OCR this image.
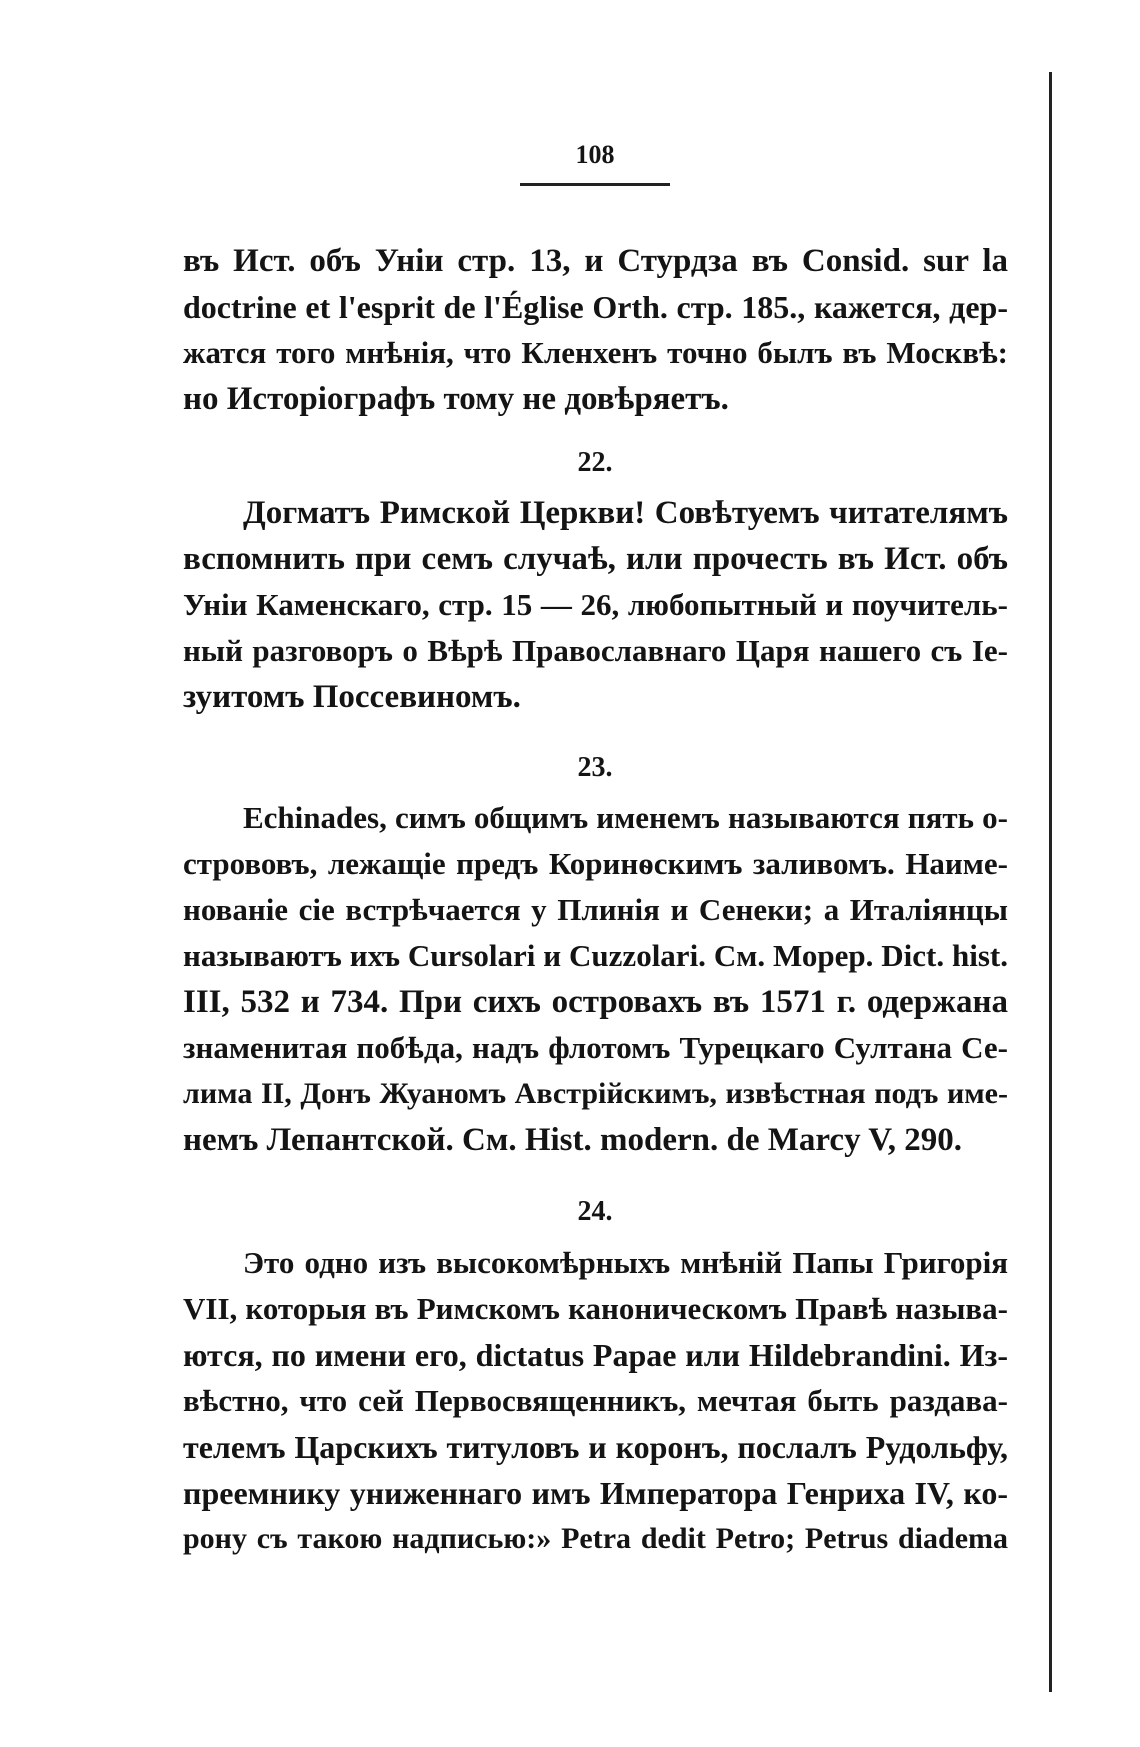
108
въ Ист. объ Уніи стр. 13, и Стурдза въ Consid. sur la
doctrine et l'esprit de l'Église Orth. стр. 185., кажется, дер-
жатся того мнѣнія, что Кленхенъ точно былъ въ Москвѣ:
но Исторіографъ тому не довѣряетъ.
22.
Догматъ Римской Церкви! Совѣтуемъ читателямъ
вспомнить при семъ случаѣ, или прочесть въ Ист. объ
Уніи Каменскаго, стр. 15 — 26, любопытный и поучитель-
ный разговоръ о Вѣрѣ Православнаго Царя нашего съ Ie-
зуитомъ Поссевиномъ.
23.
Echinades, симъ общимъ именемъ называются пять о-
стрововъ, лежащіе предъ Коринѳскимъ заливомъ. Наиме-
нованіе сіе встрѣчается у Плинія и Сенеки; а Италіянцы
называютъ ихъ Cursolari и Cuzzolari. См. Морер. Dict. hist.
III, 532 и 734. При сихъ островахъ въ 1571 г. одержана
знаменитая побѣда, надъ флотомъ Турецкаго Султана Се-
лима II, Донъ Жуаномъ Австрійскимъ, извѣстная подъ име-
немъ Лепантской. См. Hist. modern. de Marcy V, 290.
24.
Это одно изъ высокомѣрныхъ мнѣній Папы Григорія
VII, которыя въ Римскомъ каноническомъ Правѣ называ-
ются, по имени его, dictatus Papae или Hildebrandini. Из-
вѣстно, что сей Первосвященникъ, мечтая быть раздава-
телемъ Царскихъ титуловъ и коронъ, послалъ Рудольфу,
преемнику униженнаго имъ Императора Генриха IV, ко-
рону съ такою надписью:» Petra dedit Petro; Petrus diadema
